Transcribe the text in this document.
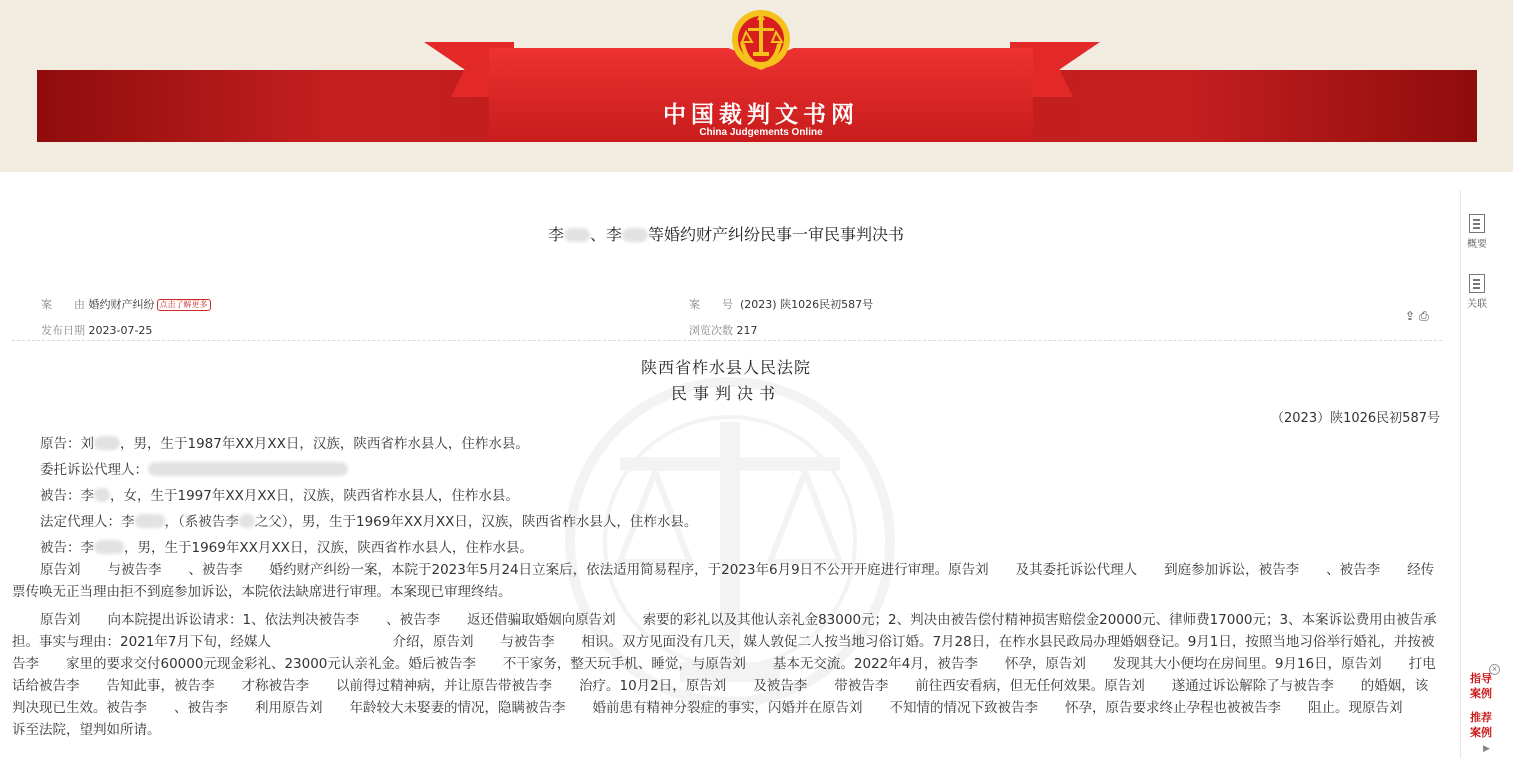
中国裁判文书网
China Judgements Online
概要
关联
×
指导案例
推荐案例
▶
李 、李 等婚约财产纠纷民事一审民事判决书
案　　由 婚约财产纠纷 点击了解更多	案　　号 (2023) 陕1026民初587号
发布日期 2023-07-25	浏览次数 217
⇪ ⎙
陕西省柞水县人民法院
民事判决书
（2023）陕1026民初587号
原告：刘 ，男，生于1987年XX月XX日，汉族，陕西省柞水县人，住柞水县。
委托诉讼代理人：
被告：李 ，女，生于1997年XX月XX日，汉族，陕西省柞水县人，住柞水县。
法定代理人：李 ，（系被告李 之父），男，生于1969年XX月XX日，汉族，陕西省柞水县人，住柞水县。
被告：李 ，男，生于1969年XX月XX日，汉族，陕西省柞水县人，住柞水县。

原告刘　　与被告李　　、被告李　　婚约财产纠纷一案，本院于2023年5月24日立案后，依法适用简易程序，于2023年6月9日不公开开庭进行审理。原告刘　　及其委托诉讼代理人　　到庭参加诉讼，被告李　　、被告李　　经传票传唤无正当理由拒不到庭参加诉讼，本院依法缺席进行审理。本案现已审理终结。

原告刘　　向本院提出诉讼请求：1、依法判决被告李　　、被告李　　返还借骗取婚姻向原告刘　　索要的彩礼以及其他认亲礼金83000元；2、判决由被告偿付精神损害赔偿金20000元、律师费17000元；3、本案诉讼费用由被告承担。事实与理由：2021年7月下旬，经媒人　　　　　　　　　介绍，原告刘　　与被告李　　相识。双方见面没有几天，媒人敦促二人按当地习俗订婚。7月28日，在柞水县民政局办理婚姻登记。9月1日，按照当地习俗举行婚礼，并按被告李　　家里的要求交付60000元现金彩礼、23000元认亲礼金。婚后被告李　　不干家务，整天玩手机、睡觉，与原告刘　　基本无交流。2022年4月，被告李　　怀孕，原告刘　　发现其大小便均在房间里。9月16日，原告刘　　打电话给被告李　　告知此事，被告李　　才称被告李　　以前得过精神病，并让原告带被告李　　治疗。10月2日，原告刘　　及被告李　　带被告李　　前往西安看病，但无任何效果。原告刘　　遂通过诉讼解除了与被告李　　的婚姻，该判决现已生效。被告李　　、被告李　　利用原告刘　　年龄较大未娶妻的情况，隐瞒被告李　　婚前患有精神分裂症的事实，闪婚并在原告刘　　不知情的情况下致被告李　　怀孕，原告要求终止孕程也被被告李　　阻止。现原告刘　　诉至法院，望判如所请。
